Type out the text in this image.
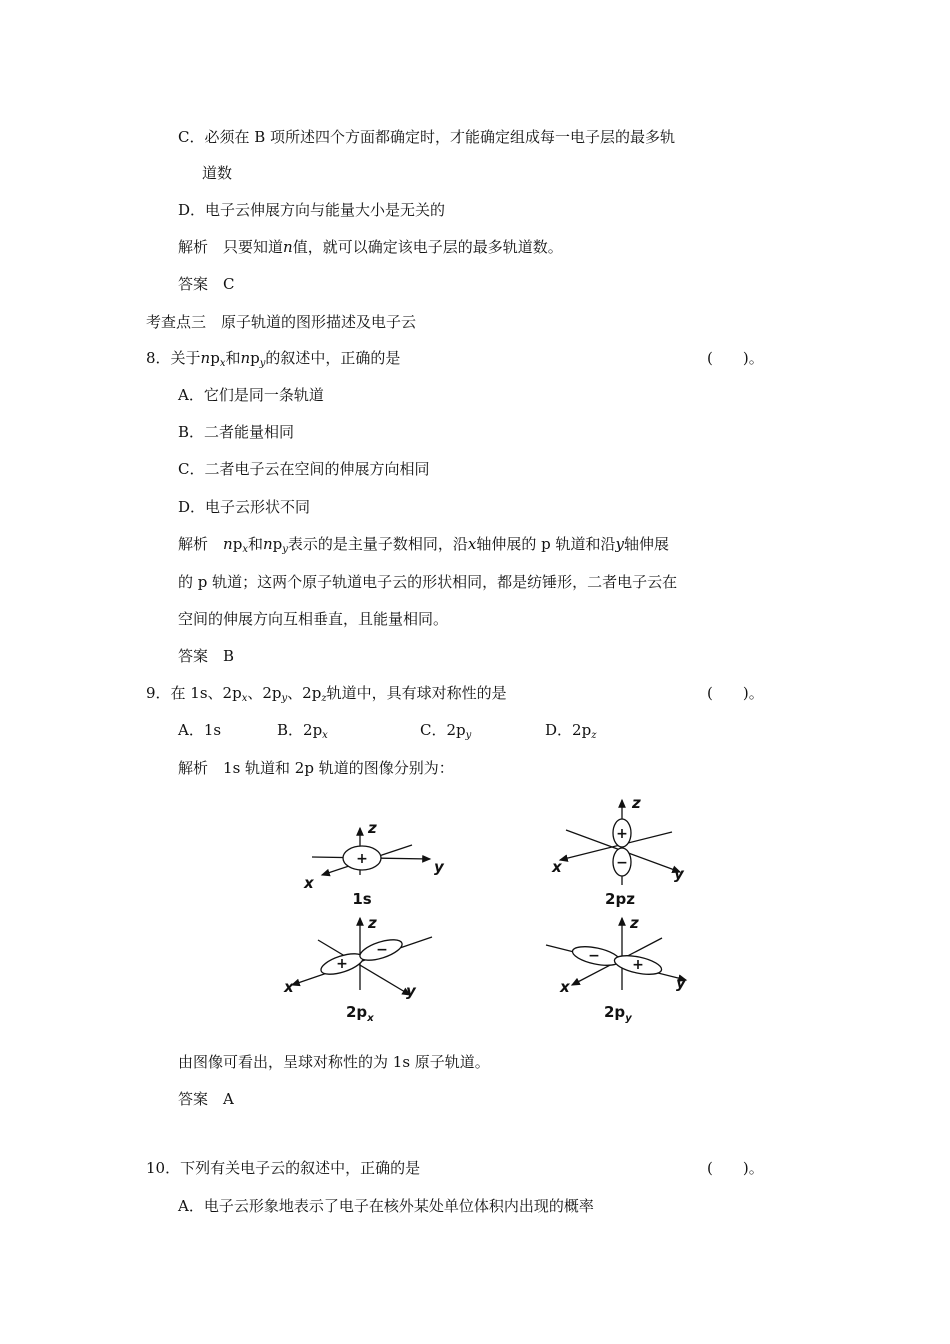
C．必须在 B 项所述四个方面都确定时，才能确定组成每一电子层的最多轨
道数
D．电子云伸展方向与能量大小是无关的
解析　 只要知道n值，就可以确定该电子层的最多轨道数。
答案　 C
考查点三　原子轨道的图形描述及电子云
8．关于$np_x$和$np_y$的叙述中，正确的是	(　　)。
A．它们是同一条轨道
B．二者能量相同
C．二者电子云在空间的伸展方向相同
D．电子云形状不同
解析　 $np_x$和$np_y$表示的是主量子数相同，沿x轴伸展的 p 轨道和沿y轴伸展
的 p 轨道；这两个原子轨道电子云的形状相同，都是纺锤形，二者电子云在
空间的伸展方向互相垂直，且能量相同。
答案　 B
9．在 1s、$2p_x$、$2p_y$、$2p_z$轨道中，具有球对称性的是	(　　)。
A．1s	B．$2p_x$	C．$2p_y$	D．$2p_z$
解析　 1s 轨道和 2p 轨道的图像分别为：
z
y
x
z
y
x
z
y
x
z
y
x
+
+
−
+
−	−
+
1s	2pz
$2p_x$	$2p_y$
由图像可看出，呈球对称性的为 1s 原子轨道。
答案　 A
10．下列有关电子云的叙述中，正确的是	(　　)。
A．电子云形象地表示了电子在核外某处单位体积内出现的概率
